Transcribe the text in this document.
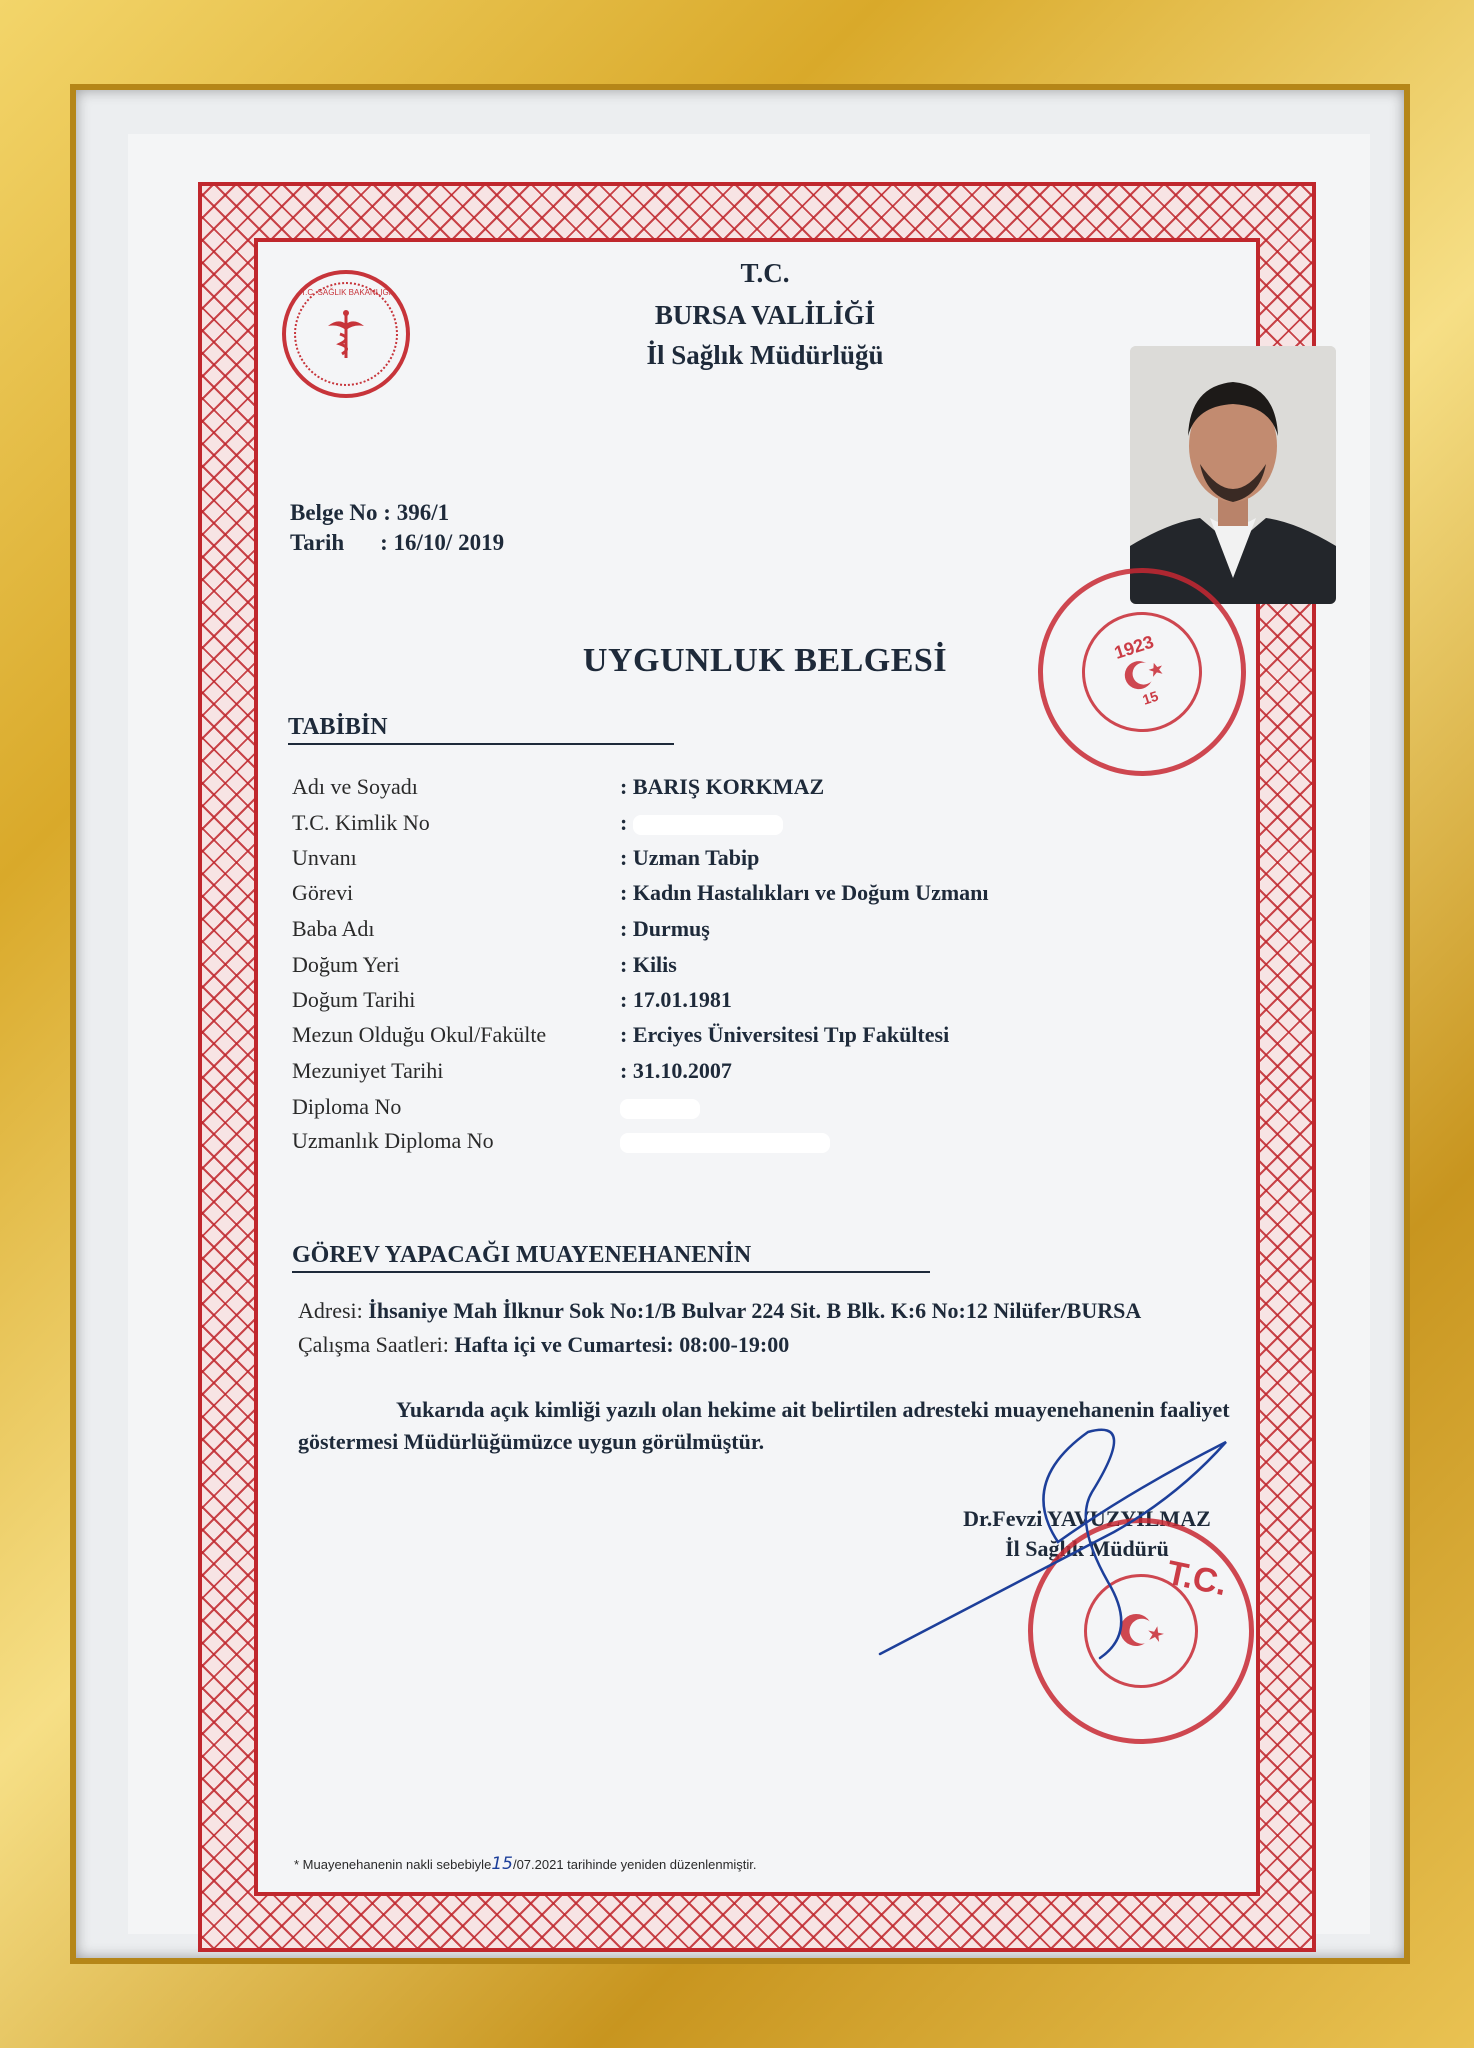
T.C. SAĞLIK BAKANLIĞI
T.C.
BURSA VALİLİĞİ
İl Sağlık Müdürlüğü
1923
15
Belge No : 396/1
Tarih : 16/10/ 2019
UYGUNLUK BELGESİ
TABİBİN
Adı ve Soyadı	: BARIŞ KORKMAZ
T.C. Kimlik No	:
Unvanı	: Uzman Tabip
Görevi	: Kadın Hastalıkları ve Doğum Uzmanı
Baba Adı	: Durmuş
Doğum Yeri	: Kilis
Doğum Tarihi	: 17.01.1981
Mezun Olduğu Okul/Fakülte	: Erciyes Üniversitesi Tıp Fakültesi
Mezuniyet Tarihi	: 31.10.2007
Diploma No
Uzmanlık Diploma No
GÖREV YAPACAĞI MUAYENEHANENİN
Adresi: İhsaniye Mah İlknur Sok No:1/B Bulvar 224 Sit. B Blk. K:6 No:12 Nilüfer/BURSA
Çalışma Saatleri: Hafta içi ve Cumartesi: 08:00-19:00
Yukarıda açık kimliği yazılı olan hekime ait belirtilen adresteki muayenehanenin faaliyet göstermesi Müdürlüğümüzce uygun görülmüştür.
Dr.Fevzi YAVUZYILMAZ
İl Sağlık Müdürü
T.C.
* Muayenehanenin nakli sebebiyle15/07.2021 tarihinde yeniden düzenlenmiştir.
